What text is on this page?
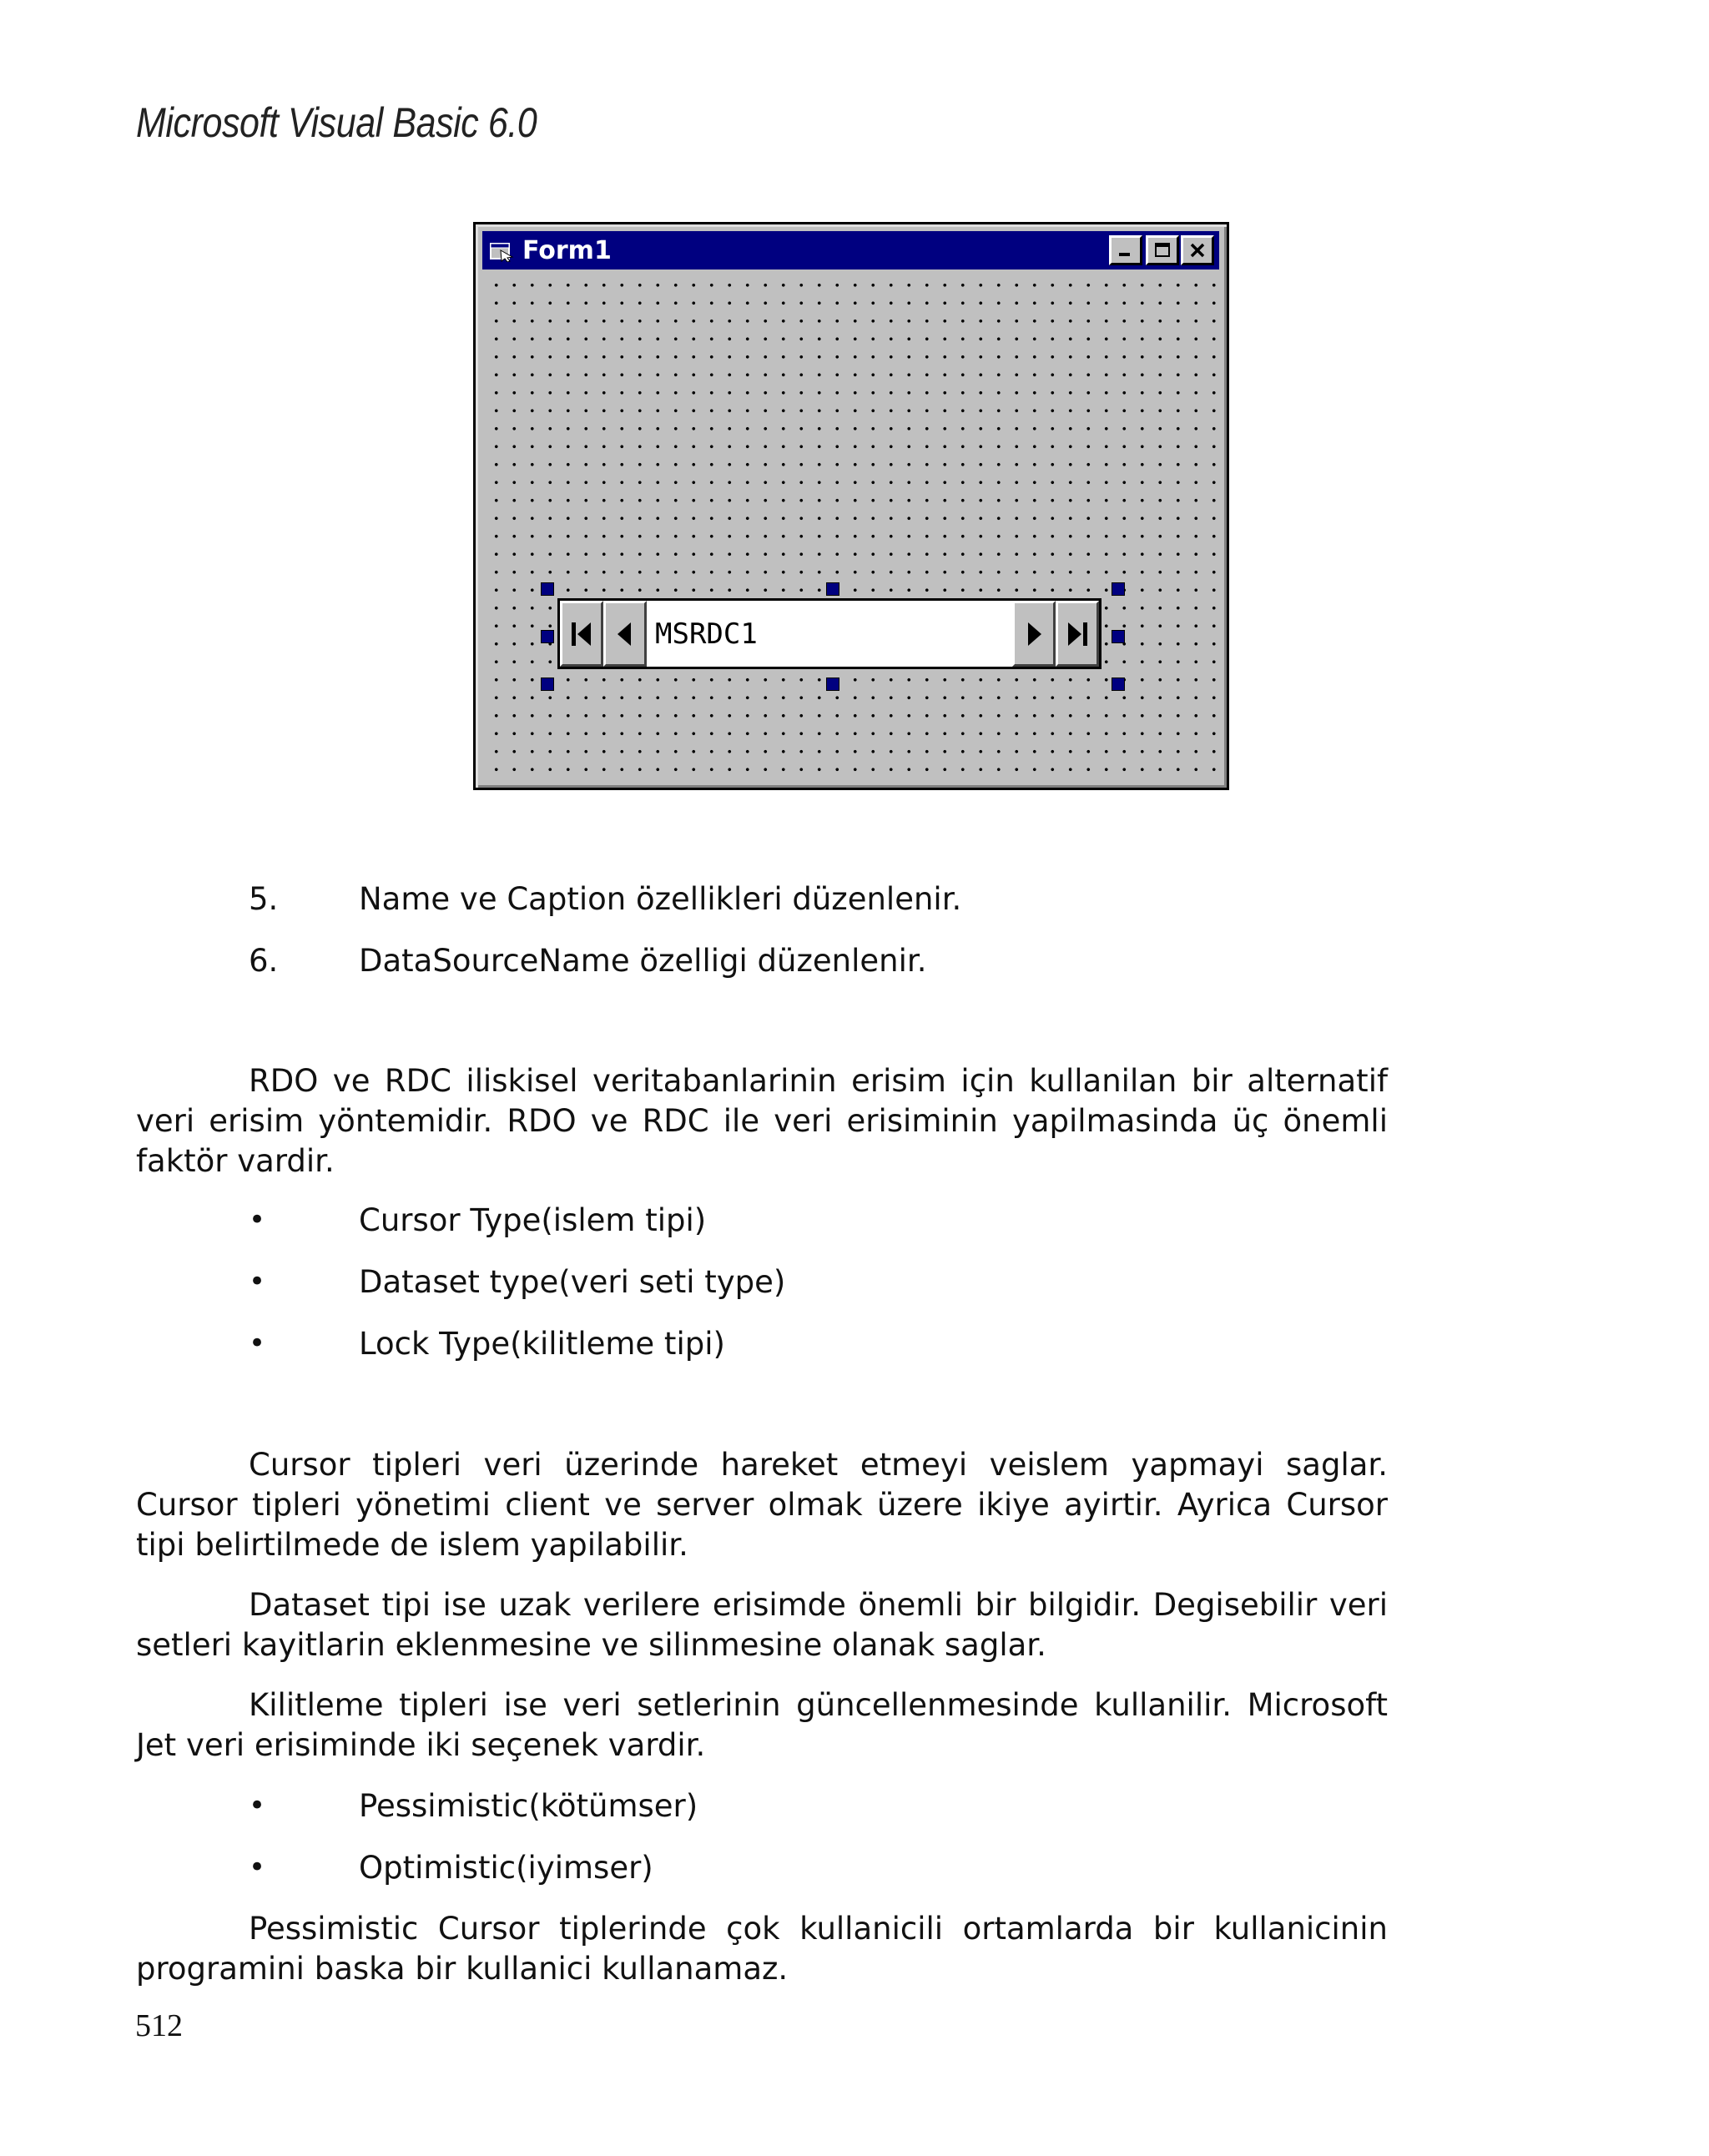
Microsoft Visual Basic 6.0
Form1
MSRDC1
5.	Name ve Caption özellikleri düzenlenir.
6.	DataSourceName özelligi düzenlenir.
RDO ve RDC iliskisel veritabanlarinin erisim için kullanilan bir alternatif veri erisim yöntemidir. RDO ve RDC ile veri erisiminin yapilmasinda üç önemli faktör vardir.
•	Cursor Type(islem tipi)
•	Dataset type(veri seti type)
•	Lock Type(kilitleme tipi)
Cursor tipleri veri üzerinde hareket etmeyi veislem yapmayi saglar. Cursor tipleri yönetimi client ve server olmak üzere ikiye ayirtir. Ayrica Cursor tipi belirtilmede de islem yapilabilir.
Dataset tipi ise uzak verilere erisimde önemli bir bilgidir. Degisebilir veri setleri kayitlarin eklenmesine ve silinmesine olanak saglar.
Kilitleme tipleri ise veri setlerinin güncellenmesinde kullanilir. Microsoft Jet veri erisiminde iki seçenek vardir.
•	Pessimistic(kötümser)
•	Optimistic(iyimser)
Pessimistic Cursor tiplerinde çok kullanicili ortamlarda bir kullanicinin programini baska bir kullanici kullanamaz.
512
